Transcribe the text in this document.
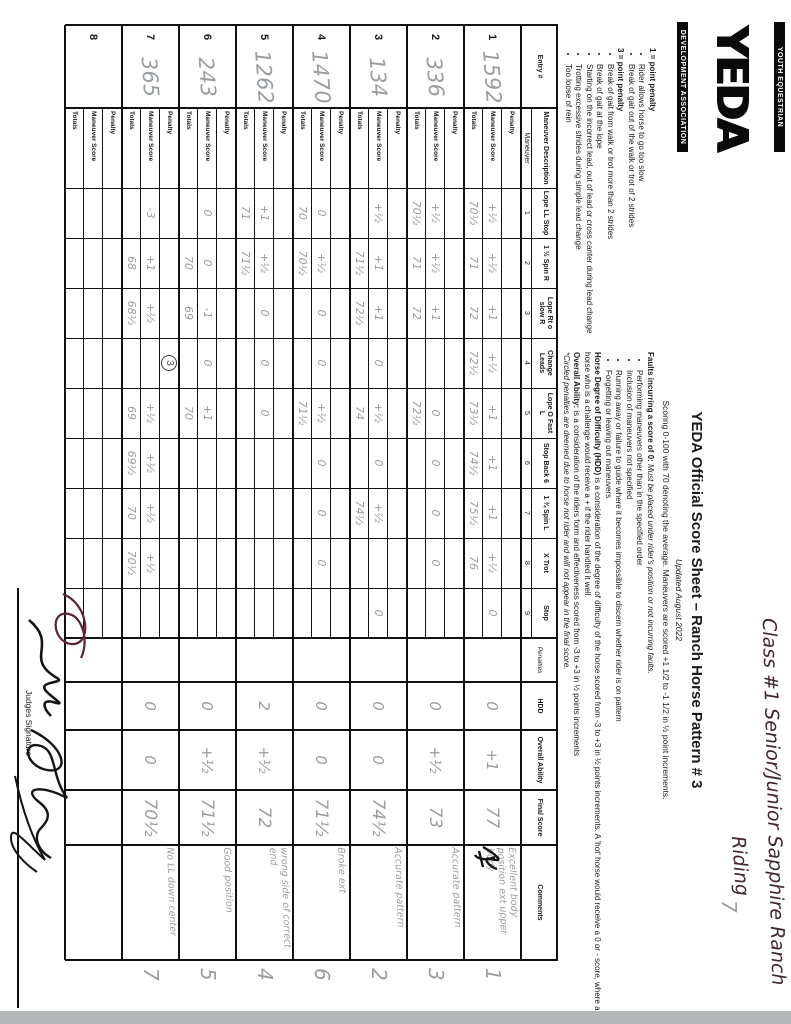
YOUTH EQUESTRIAN
YEDA
DEVELOPMENT ASSOCIATION
YEDA Official Score Sheet – Ranch Horse Pattern # 3
Updated August 2022
Scoring 0-100 with 70 denoting the average. Maneuvers are scored +1 1/2 to -1 1/2 in ½ point increments.
1 = point penalty
• Rider allows horse to go too slow
• Break of gait out of the walk or trot of 2 strides
3 = point penalty
• Break of gait from walk or trot more than 2 strides
• Break of gait at the lope
• Starting on the incorrect lead, out of lead or cross canter during lead change
• Trotting excessive strides during simple lead change
• Too loose of rein
Faults incurring a score of 0: Must be placed under rider's position or not incurring faults.
• Performing maneuvers other than in the specified order
• Inclusion of maneuvers not specified
• Running away or failure to guide where it becomes impossible to discern whether rider is on pattern
• Forgetting or leaving out maneuvers
Horse Degree of Difficulty (HDD) is a consideration of the degree of difficulty of the horse scored from -3 to +3 in ½ points increments. A 'hot' horse would receive a 0 or - score, where a horse who is a challenge would receive a + if the rider handled it well.
Overall Ability: is a consideration of the riders form and effectiveness scored from -3 to +3 in ½ points increments
*Circled penalties are deemed due to horse not rider and will not appear in the final score.
Class #1 Senior/Junior Sapphire Ranch
Riding
7
Entry #
Maneuver Description
Maneuver
Lope LL Stop
1
1 ½ Spin R
2
Lope Rt o slow R
3
Change Leads
4
Lope O Fast L
5
Stop Back 6
6
1 ¾ Spin L
7
X Trot
8
Stop
9
Penalties
HDD
Overall Ability
Final Score
Comments
1
1592
Penalty
Maneuver Score
Totals
+½
70½
+½
71
+1
72
+½
72½
+1
73½
+1
74½
+1
75½
+½
76
0
0
+1
77
Excellent body position ext upper body
1
2
336
Penalty
Maneuver Score
Totals
+½
70½
+½
71
+1
72
0
72½
0
0
0
0
+½
73
Accurate pattern
3
3
134
Penalty
Maneuver Score
Totals
+½
+1
71½
+1
72½
0
+½
74
0
+½
74½
0
0
0
74½
Accurate pattern
2
4
1470
Penalty
Maneuver Score
Totals
0
70
+½
70½
0
0
+½
71½
0
0
0
0
0
71½
Broke ext
6
5
1262
Penalty
Maneuver Score
Totals
+1
71
+½
71½
0
0
0
2
+½
72
wrong side of correct end
4
6
243
Penalty
Maneuver Score
Totals
0
0
70
-1
69
0
+1
70
0
+½
71½
Good position
5
7
365
Penalty
Maneuver Score
Totals
-3
+1
68
+½
68½
3
+½
69
+½
69½
+½
70
+½
70½
0
0
70½
No LL down center
7
8
Penalty
Maneuver Score
Totals
Judges Signature
